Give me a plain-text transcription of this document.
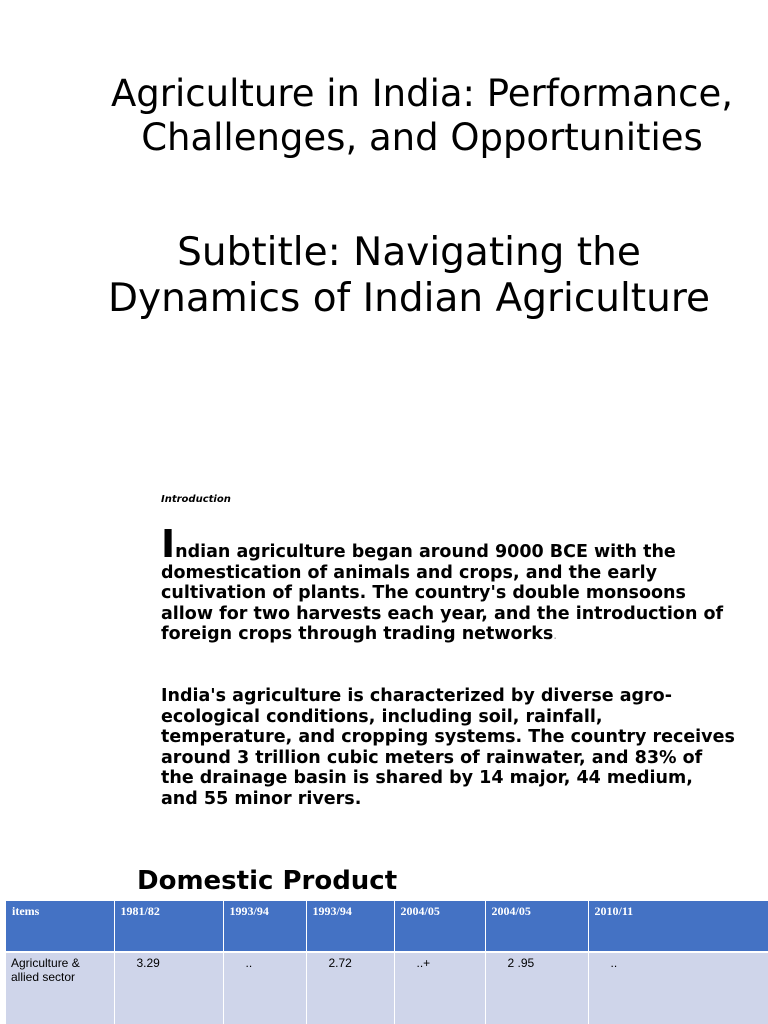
Agriculture in India: Performance, Challenges, and Opportunities
Subtitle: Navigating the Dynamics of Indian Agriculture

Introduction

Indian agriculture began around 9000 BCE with the domestication of animals and crops, and the early cultivation of plants. The country's double monsoons allow for two harvests each year, and the introduction of foreign crops through trading networks.

India's agriculture is characterized by diverse agro-ecological conditions, including soil, rainfall, temperature, and cropping systems. The country receives around 3 trillion cubic meters of rainwater, and 83% of the drainage basin is shared by 14 major, 44 medium, and 55 minor rivers.

Domestic Product
items	1981/82	1993/94	1993/94	2004/05	2004/05	2010/11
Agriculture & allied sector	3.29	..	2.72	..+	2 .95	..
